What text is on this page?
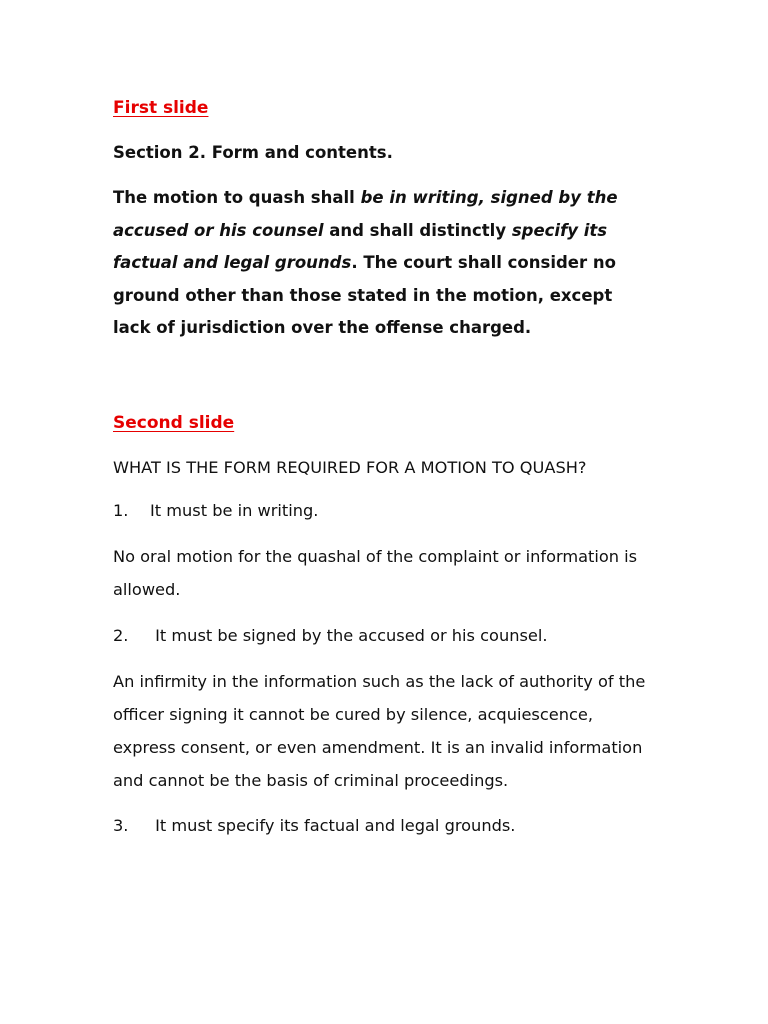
First slide

Section 2. Form and contents.

The motion to quash shall be in writing, signed by the accused or his counsel and shall distinctly specify its factual and legal grounds. The court shall consider no ground other than those stated in the motion, except lack of jurisdiction over the offense charged.

Second slide

WHAT IS THE FORM REQUIRED FOR A MOTION TO QUASH?

1. It must be in writing.

No oral motion for the quashal of the complaint or information is allowed.

2. It must be signed by the accused or his counsel.

An infirmity in the information such as the lack of authority of the officer signing it cannot be cured by silence, acquiescence, express consent, or even amendment. It is an invalid information and cannot be the basis of criminal proceedings.

3. It must specify its factual and legal grounds.
